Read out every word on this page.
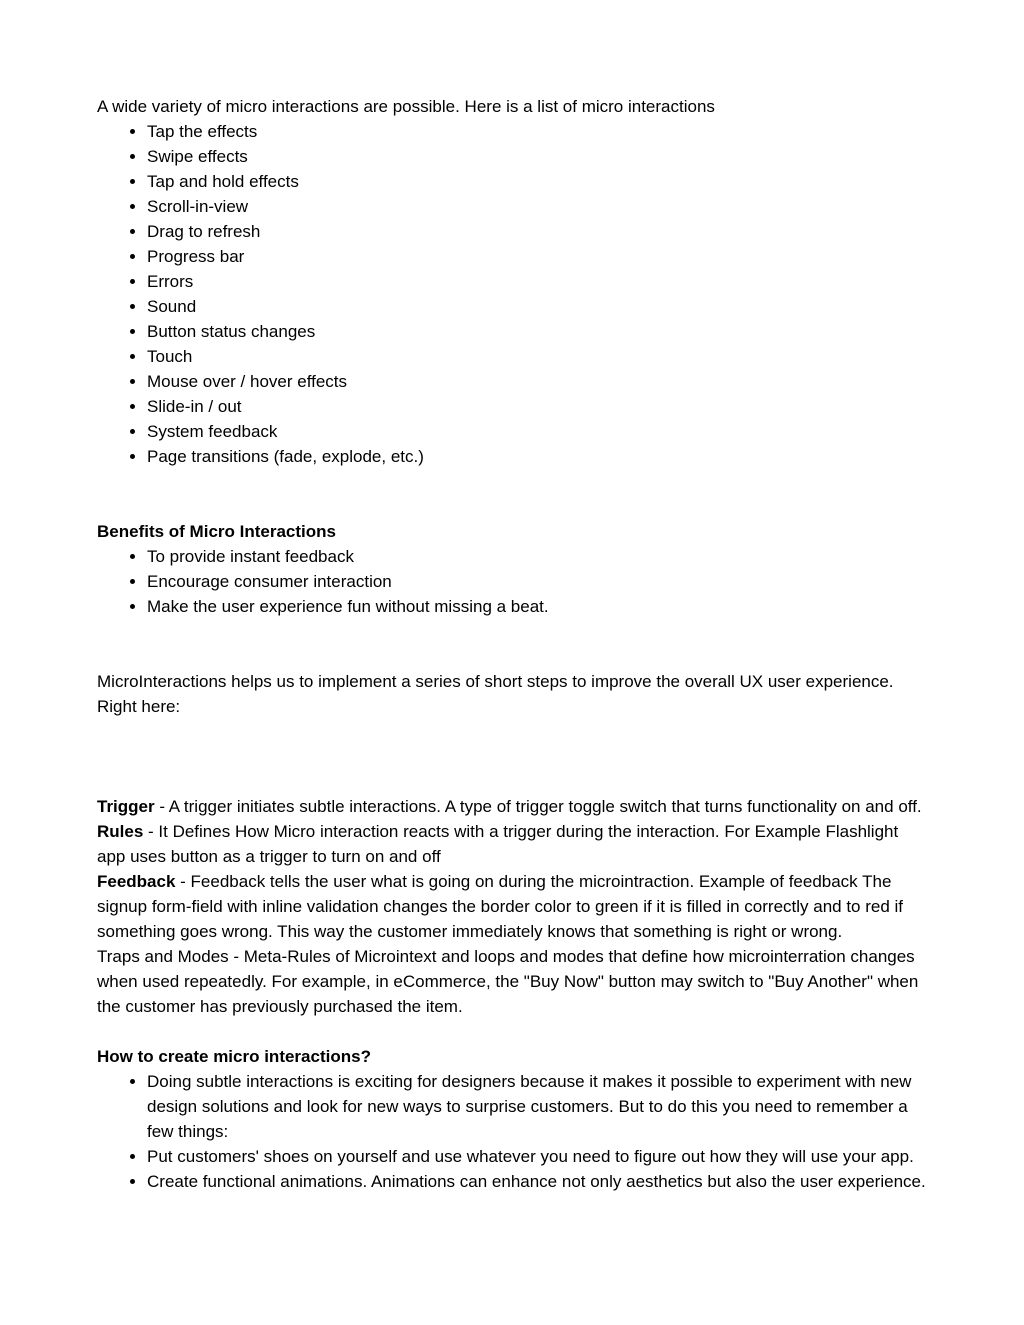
A wide variety of micro interactions are possible. Here is a list of micro interactions

Tap the effects
Swipe effects
Tap and hold effects
Scroll-in-view
Drag to refresh
Progress bar
Errors
Sound
Button status changes
Touch
Mouse over / hover effects
Slide-in / out
System feedback
Page transitions (fade, explode, etc.)

Benefits of Micro Interactions

To provide instant feedback
Encourage consumer interaction
Make the user experience fun without missing a beat.

MicroInteractions helps us to implement a series of short steps to improve the overall UX user experience. Right here:

Trigger - A trigger initiates subtle interactions. A type of trigger toggle switch that turns functionality on and off.

Rules - It Defines How Micro interaction reacts with a trigger during the interaction. For Example Flashlight app uses button as a trigger to turn on and off

Feedback - Feedback tells the user what is going on during the microintraction. Example of feedback The signup form-field with inline validation changes the border color to green if it is filled in correctly and to red if something goes wrong. This way the customer immediately knows that something is right or wrong.

Traps and Modes - Meta-Rules of Microintext and loops and modes that define how microinterration changes when used repeatedly. For example, in eCommerce, the "Buy Now" button may switch to "Buy Another" when the customer has previously purchased the item.

How to create micro interactions?

Doing subtle interactions is exciting for designers because it makes it possible to experiment with new design solutions and look for new ways to surprise customers. But to do this you need to remember a few things:
Put customers' shoes on yourself and use whatever you need to figure out how they will use your app.
Create functional animations. Animations can enhance not only aesthetics but also the user experience.
